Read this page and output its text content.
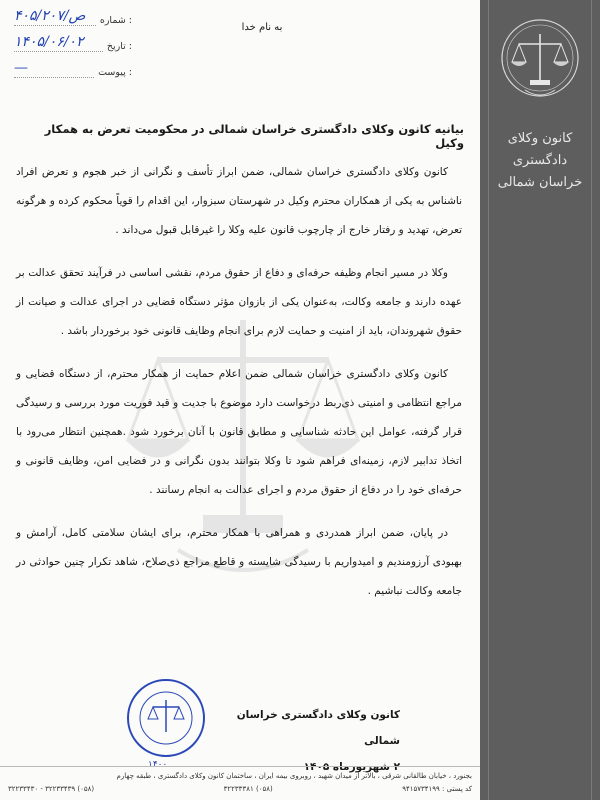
کانون وکلای دادگستری
خراسان شمالی
۴۰۵/ص/۲۰۷	: شماره
۱۴۰۵/۰۶/۰۲	: تاریخ
—	: پیوست
به نام خدا
بیانیه کانون وکلای دادگستری خراسان شمالی در محکومیت تعرض به همکار وکیل

کانون وکلای دادگستری خراسان شمالی، ضمن ابراز تأسف و نگرانی از خبر هجوم و تعرض افراد ناشناس به یکی از همکاران محترم وکیل در شهرستان سبزوار، این اقدام را قویاً محکوم کرده و هرگونه تعرض، تهدید و رفتار خارج از چارچوب قانون علیه وکلا را غیرقابل قبول می‌داند .

وکلا در مسیر انجام وظیفه حرفه‌ای و دفاع از حقوق مردم، نقشی اساسی در فرآیند تحقق عدالت بر عهده دارند و جامعه وکالت، به‌عنوان یکی از بازوان مؤثر دستگاه قضایی در اجرای عدالت و صیانت از حقوق شهروندان، باید از امنیت و حمایت لازم برای انجام وظایف قانونی خود برخوردار باشد .

کانون وکلای دادگستری خراسان شمالی ضمن اعلام حمایت از همکار محترم، از دستگاه قضایی و مراجع انتظامی و امنیتی ذی‌ربط درخواست دارد موضوع با جدیت و قید فوریت مورد بررسی و رسیدگی قرار گرفته، عوامل این حادثه شناسایی و مطابق قانون با آنان برخورد شود .همچنین انتظار می‌رود با اتخاذ تدابیر لازم، زمینه‌ای فراهم شود تا وکلا بتوانند بدون نگرانی و در فضایی امن، وظایف قانونی و حرفه‌ای خود را در دفاع از حقوق مردم و اجرای عدالت به انجام رسانند .

در پایان، ضمن ابراز همدردی و همراهی با همکار محترم، برای ایشان سلامتی کامل، آرامش و بهبودی آرزومندیم و امیدواریم با رسیدگی شایسته و قاطع مراجع ذی‌صلاح، شاهد تکرار چنین حوادثی در جامعه وکالت نباشیم .

۱۴۰۰
کانون وکلای دادگستری خراسان شمالی
۲ شهریورماه ۱۴۰۵
بجنورد ، خیابان طالقانی شرقی ، بالاتر از میدان شهید ، روبروی بیمه ایران ، ساختمان کانون وکلای دادگستری ، طبقه چهارم
کد پستی : ۹۴۱۵۷۳۴۱۹۹
(۰۵۸) ۳۲۲۳۳۳۸۱
(۰۵۸) ۳۲۲۳۳۴۳۹ - ۳۲۲۳۳۴۳۰
